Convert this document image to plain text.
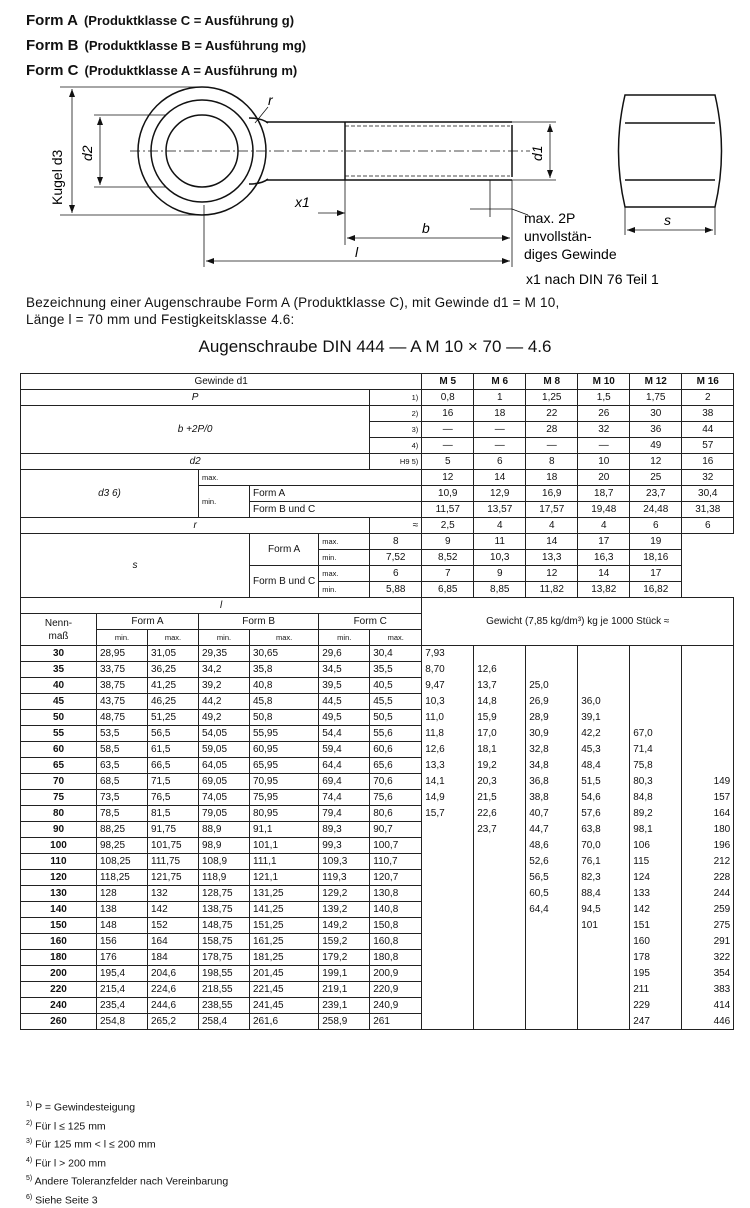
Form A (Produktklasse C = Ausführung g)
Form B (Produktklasse B = Ausführung mg)
Form C (Produktklasse A = Ausführung m)
Kugel d3 d2	d1
r
x1
b
l
s
max. 2P
unvollstän-
diges Gewinde
x1 nach DIN 76 Teil 1
Bezeichnung einer Augenschraube Form A (Produktklasse C), mit Gewinde d1 = M 10,
Länge l = 70 mm und Festigkeitsklasse 4.6:
Augenschraube DIN 444 — A M 10 × 70 — 4.6
Gewinde d1							M 5	M 6	M 8	M 10	M 12	M 16
P						1)	0,8	1	1,25	1,5	1,75	2
b +2P/0						2)	16	18	22	26	30	38
						3)	—	—	28	32	36	44
						4)	—	—	—	—	49	57
d2						H9 5)	5	6	8	10	12	16
d3 6)			max.				12	14	18	20	25	32
			min.	Form A			10,9	12,9	16,9	18,7	23,7	30,4
				Form B und C			11,57	13,57	17,57	19,48	24,48	31,38
r						≈	2,5	4	4	4	6	6
s				Form A	max.	8	9	11	14	17	19	
					min.	7,52	8,52	10,3	13,3	16,3	18,16	
				Form B und C	max.	6	7	9	12	14	17	
					min.	5,88	6,85	8,85	11,82	13,82	16,82	
l							Gewicht (7,85 kg/dm³) kg je 1000 Stück ≈					
Nenn-
maß	Form A		Form B		Form C							
	min.	max.	min.	max.	min.	max.						
30	28,95	31,05	29,35	30,65	29,6	30,4	7,93					
35	33,75	36,25	34,2	35,8	34,5	35,5	8,70	12,6				
40	38,75	41,25	39,2	40,8	39,5	40,5	9,47	13,7	25,0			
45	43,75	46,25	44,2	45,8	44,5	45,5	10,3	14,8	26,9	36,0		
50	48,75	51,25	49,2	50,8	49,5	50,5	11,0	15,9	28,9	39,1		
55	53,5	56,5	54,05	55,95	54,4	55,6	11,8	17,0	30,9	42,2	67,0	
60	58,5	61,5	59,05	60,95	59,4	60,6	12,6	18,1	32,8	45,3	71,4	
65	63,5	66,5	64,05	65,95	64,4	65,6	13,3	19,2	34,8	48,4	75,8	
70	68,5	71,5	69,05	70,95	69,4	70,6	14,1	20,3	36,8	51,5	80,3	149
75	73,5	76,5	74,05	75,95	74,4	75,6	14,9	21,5	38,8	54,6	84,8	157
80	78,5	81,5	79,05	80,95	79,4	80,6	15,7	22,6	40,7	57,6	89,2	164
90	88,25	91,75	88,9	91,1	89,3	90,7		23,7	44,7	63,8	98,1	180
100	98,25	101,75	98,9	101,1	99,3	100,7			48,6	70,0	106	196
110	108,25	111,75	108,9	111,1	109,3	110,7			52,6	76,1	115	212
120	118,25	121,75	118,9	121,1	119,3	120,7			56,5	82,3	124	228
130	128	132	128,75	131,25	129,2	130,8			60,5	88,4	133	244
140	138	142	138,75	141,25	139,2	140,8			64,4	94,5	142	259
150	148	152	148,75	151,25	149,2	150,8				101	151	275
160	156	164	158,75	161,25	159,2	160,8					160	291
180	176	184	178,75	181,25	179,2	180,8					178	322
200	195,4	204,6	198,55	201,45	199,1	200,9					195	354
220	215,4	224,6	218,55	221,45	219,1	220,9					211	383
240	235,4	244,6	238,55	241,45	239,1	240,9					229	414
260	254,8	265,2	258,4	261,6	258,9	261					247	446
$^{1)}$ P = Gewindesteigung
$^{2)}$ Für l ≤ 125 mm
$^{3)}$ Für 125 mm < l ≤ 200 mm
$^{4)}$ Für l > 200 mm
$^{5)}$ Andere Toleranzfelder nach Vereinbarung
$^{6)}$ Siehe Seite 3
